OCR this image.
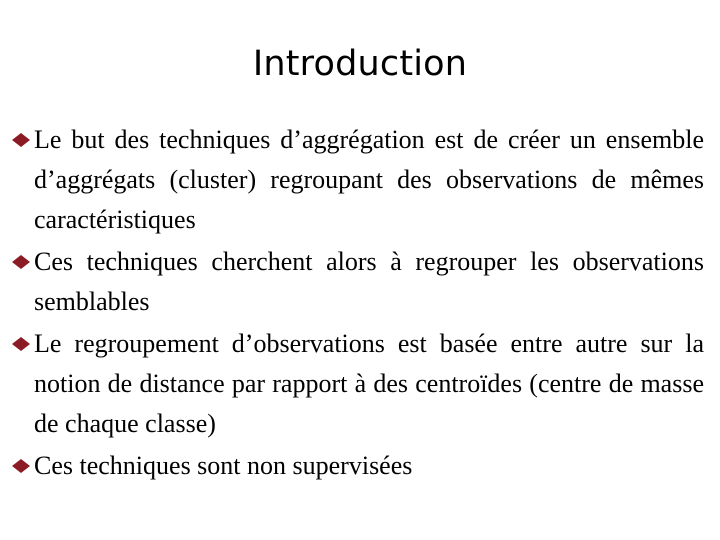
Introduction
Le but des techniques d’aggrégation est de créer un ensemble d’aggrégats (cluster) regroupant des observations de mêmes caractéristiques
Ces techniques cherchent alors à regrouper les observations semblables
Le regroupement d’observations est basée entre autre sur la notion de distance par rapport à des centroïdes (centre de masse de chaque classe)
Ces techniques sont non supervisées
